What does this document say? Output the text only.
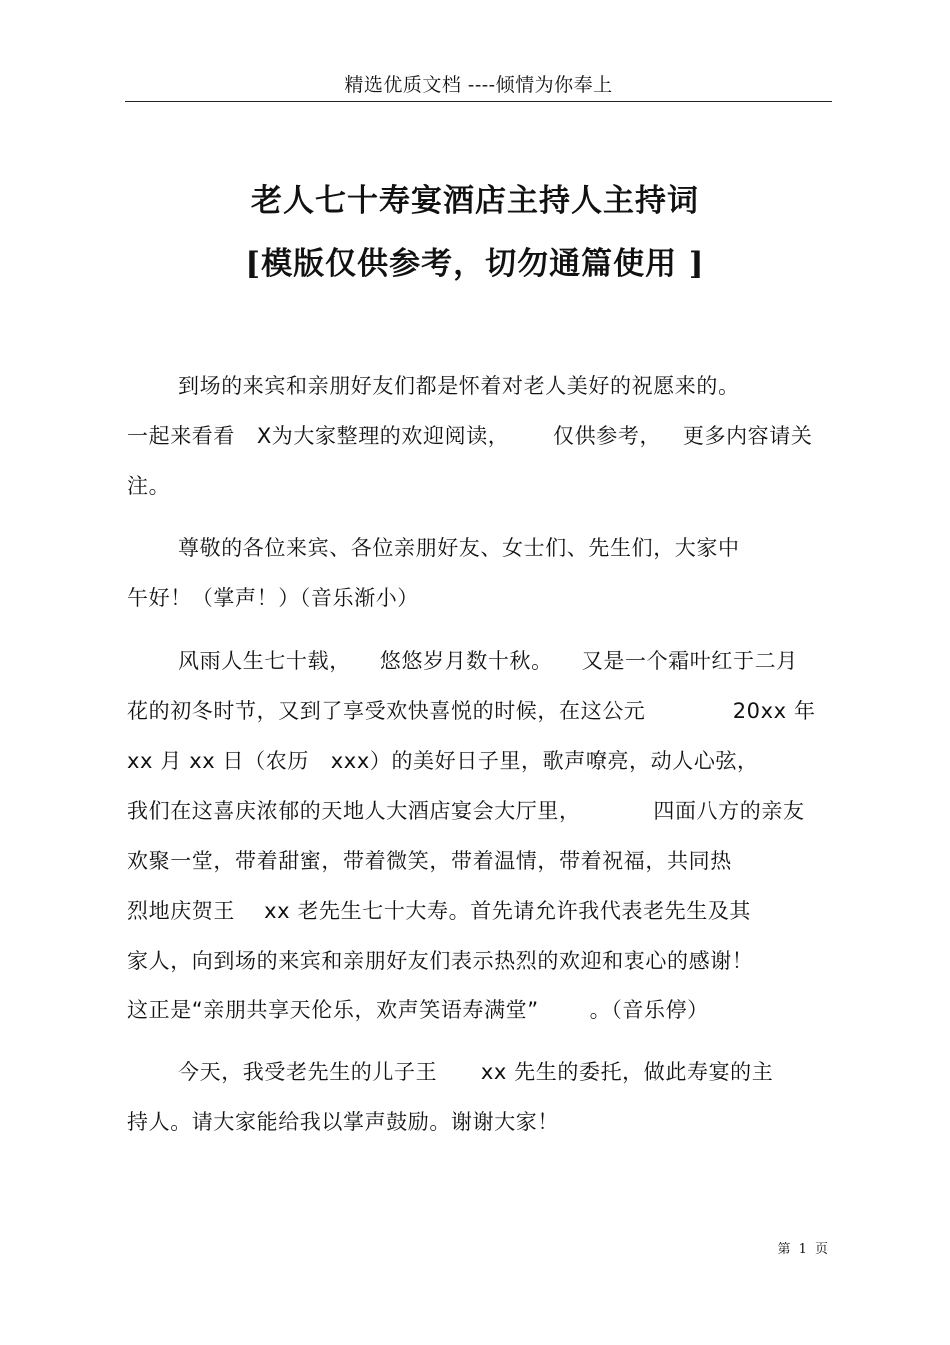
精选优质文档 ----倾情为你奉上
老人七十寿宴酒店主持人主持词
[模版仅供参考，切勿通篇使用 ]
到场的来宾和亲朋好友们都是怀着对老人美好的祝愿来的。
一起来看看   X为大家整理的欢迎阅读，      仅供参考，   更多内容请关
注。
尊敬的各位来宾、各位亲朋好友、女士们、先生们，大家中
午好！（掌声！）（音乐渐小）
风雨人生七十载，    悠悠岁月数十秋。    又是一个霜叶红于二月
花的初冬时节，又到了享受欢快喜悦的时候，在这公元            20xx 年
xx 月 xx 日（农历   xxx）的美好日子里，歌声嘹亮，动人心弦，
我们在这喜庆浓郁的天地人大酒店宴会大厅里，          四面八方的亲友
欢聚一堂，带着甜蜜，带着微笑，带着温情，带着祝福，共同热
烈地庆贺王    xx 老先生七十大寿。首先请允许我代表老先生及其
家人，向到场的来宾和亲朋好友们表示热烈的欢迎和衷心的感谢！
这正是“亲朋共享天伦乐，欢声笑语寿满堂”       。（音乐停）
今天，我受老先生的儿子王      xx 先生的委托，做此寿宴的主
持人。请大家能给我以掌声鼓励。谢谢大家！
第 1 页
